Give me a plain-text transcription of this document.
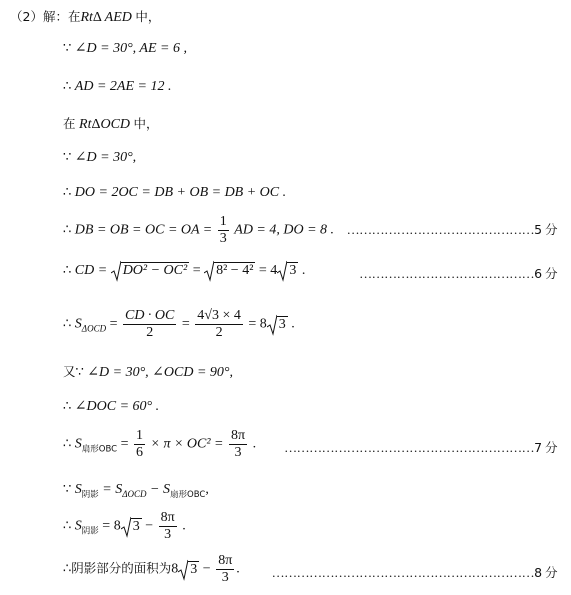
（2）解：在RtΔ AED 中，
∵ ∠D = 30°, AE = 6 ,
∴ AD = 2AE = 12 .
在 RtΔOCD 中，
∵ ∠D = 30°,
∴ DO = 2OC = DB + OB = DB + OC .
∴ DB = OB = OC = OA = $\frac{1}{3}$ AD = 4, DO = 8 . ………………………………………5 分
∴ CD = DO² − OC² = 8² − 4² = 4 3 .	……………………………………6 分
∴ $S_{\Delta OCD} = \frac{CD \cdot OC}{2} = \frac{4√3 \times 4}{2} = 8$ 3 .
又∵ ∠D = 30°, ∠OCD = 90°,
∴ ∠DOC = 60° .
∴ $S_{扇形OBC} = \frac{1}{6} \times \pi \times OC^2 = \frac{8\pi}{3}$ . ……………………………………………………7 分
∵ $S_{阴影} = S_{\Delta OCD} - S_{扇形OBC}$,
∴ $S_{阴影} = 8$ $3 - \frac{8\pi}{3}$ .
∴阴影部分的面积为8 $3 - \frac{8\pi}{3}$ . ………………………………………………………8 分
